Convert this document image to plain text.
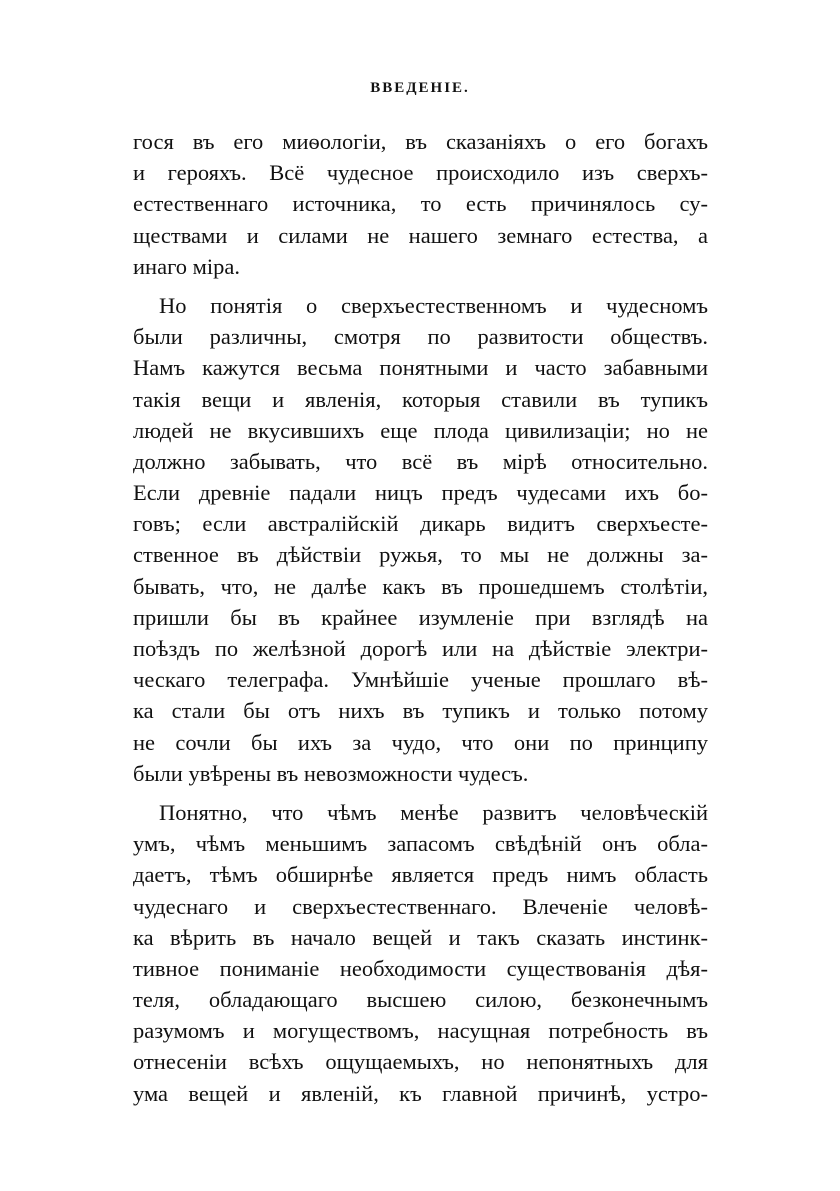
ВВЕДЕНІЕ.
гося въ его миѳологіи, въ сказаніяхъ о его богахъ
и герояхъ. Всё чудесное происходило изъ сверхъ-
естественнаго источника, то есть причинялось су-
ществами и силами не нашего земнаго естества, а
инаго міра.
Но понятія о сверхъестественномъ и чудесномъ
были различны, смотря по развитости обществъ.
Намъ кажутся весьма понятными и часто забавными
такія вещи и явленія, которыя ставили въ тупикъ
людей не вкусившихъ еще плода цивилизаціи; но не
должно забывать, что всё въ мірѣ относительно.
Если древніе падали ницъ предъ чудесами ихъ бо-
говъ; если австралійскій дикарь видитъ сверхъесте-
ственное въ дѣйствіи ружья, то мы не должны за-
бывать, что, не далѣе какъ въ прошедшемъ столѣтіи,
пришли бы въ крайнее изумленіе при взглядѣ на
поѣздъ по желѣзной дорогѣ или на дѣйствіе электри-
ческаго телеграфа. Умнѣйшіе ученые прошлаго вѣ-
ка стали бы отъ нихъ въ тупикъ и только потому
не сочли бы ихъ за чудо, что они по принципу
были увѣрены въ невозможности чудесъ.
Понятно, что чѣмъ менѣе развитъ человѣческій
умъ, чѣмъ меньшимъ запасомъ свѣдѣній онъ обла-
даетъ, тѣмъ обширнѣе является предъ нимъ область
чудеснаго и сверхъестественнаго. Влеченіе человѣ-
ка вѣрить въ начало вещей и такъ сказать инстинк-
тивное пониманіе необходимости существованія дѣя-
теля, обладающаго высшею силою, безконечнымъ
разумомъ и могуществомъ, насущная потребность въ
отнесеніи всѣхъ ощущаемыхъ, но непонятныхъ для
ума вещей и явленій, къ главной причинѣ, устро-
